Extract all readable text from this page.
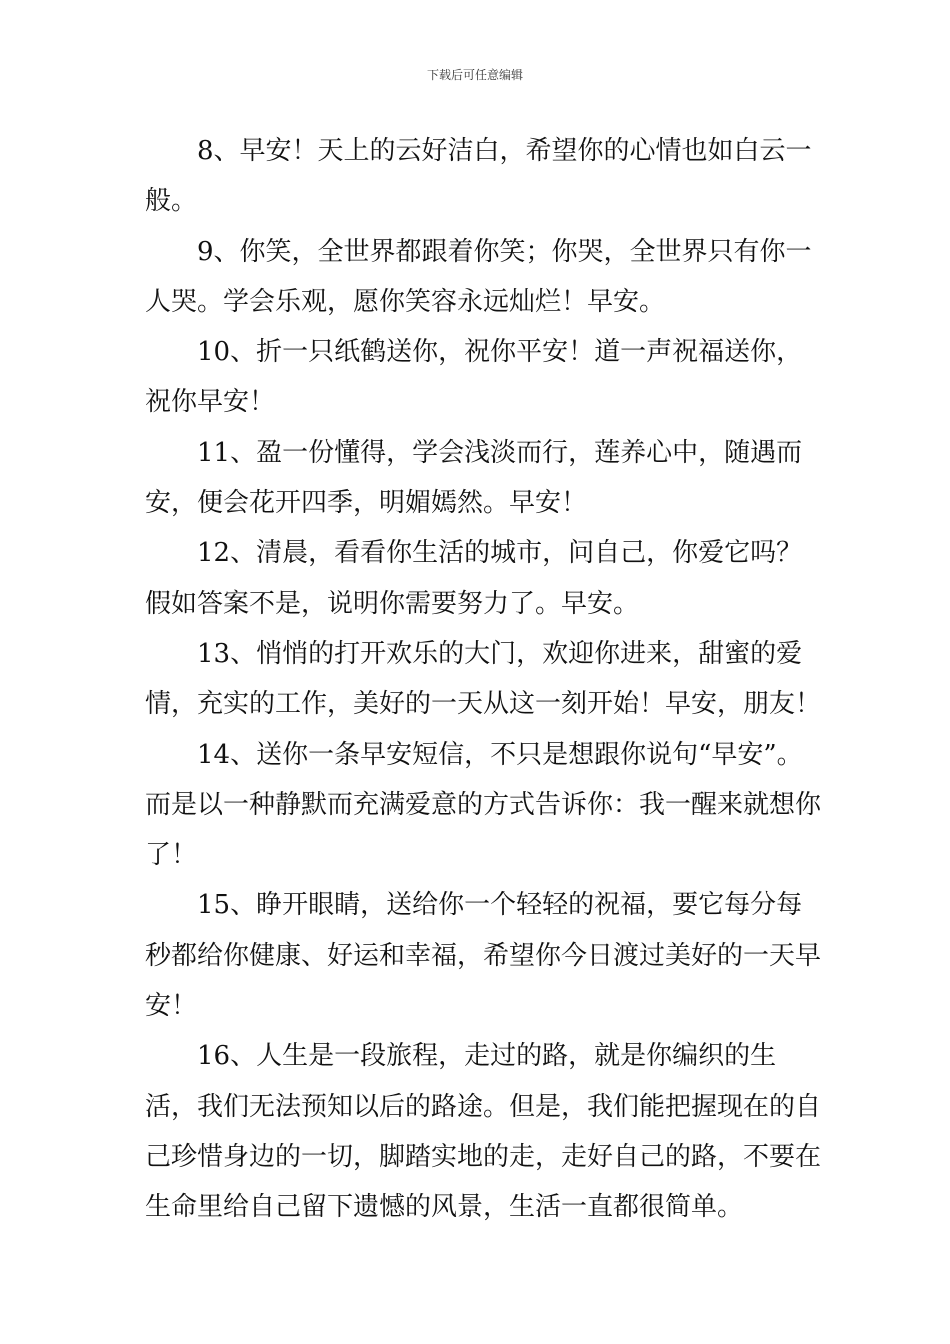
下载后可任意编辑

8、早安！天上的云好洁白，希望你的心情也如白云一般。

9、你笑，全世界都跟着你笑；你哭，全世界只有你一人哭。学会乐观，愿你笑容永远灿烂！早安。

10、折一只纸鹤送你，祝你平安！道一声祝福送你，祝你早安！

11、盈一份懂得，学会浅淡而行，莲养心中，随遇而安，便会花开四季，明媚嫣然。早安！

12、清晨，看看你生活的城市，问自己，你爱它吗？假如答案不是，说明你需要努力了。早安。

13、悄悄的打开欢乐的大门，欢迎你进来，甜蜜的爱情，充实的工作，美好的一天从这一刻开始！早安，朋友！

14、送你一条早安短信，不只是想跟你说句“早安”。而是以一种静默而充满爱意的方式告诉你：我一醒来就想你了！

15、睁开眼睛，送给你一个轻轻的祝福，要它每分每秒都给你健康、好运和幸福，希望你今日渡过美好的一天早安！

16、人生是一段旅程，走过的路，就是你编织的生活，我们无法预知以后的路途。但是，我们能把握现在的自己珍惜身边的一切，脚踏实地的走，走好自己的路，不要在生命里给自己留下遗憾的风景，生活一直都很简单。
